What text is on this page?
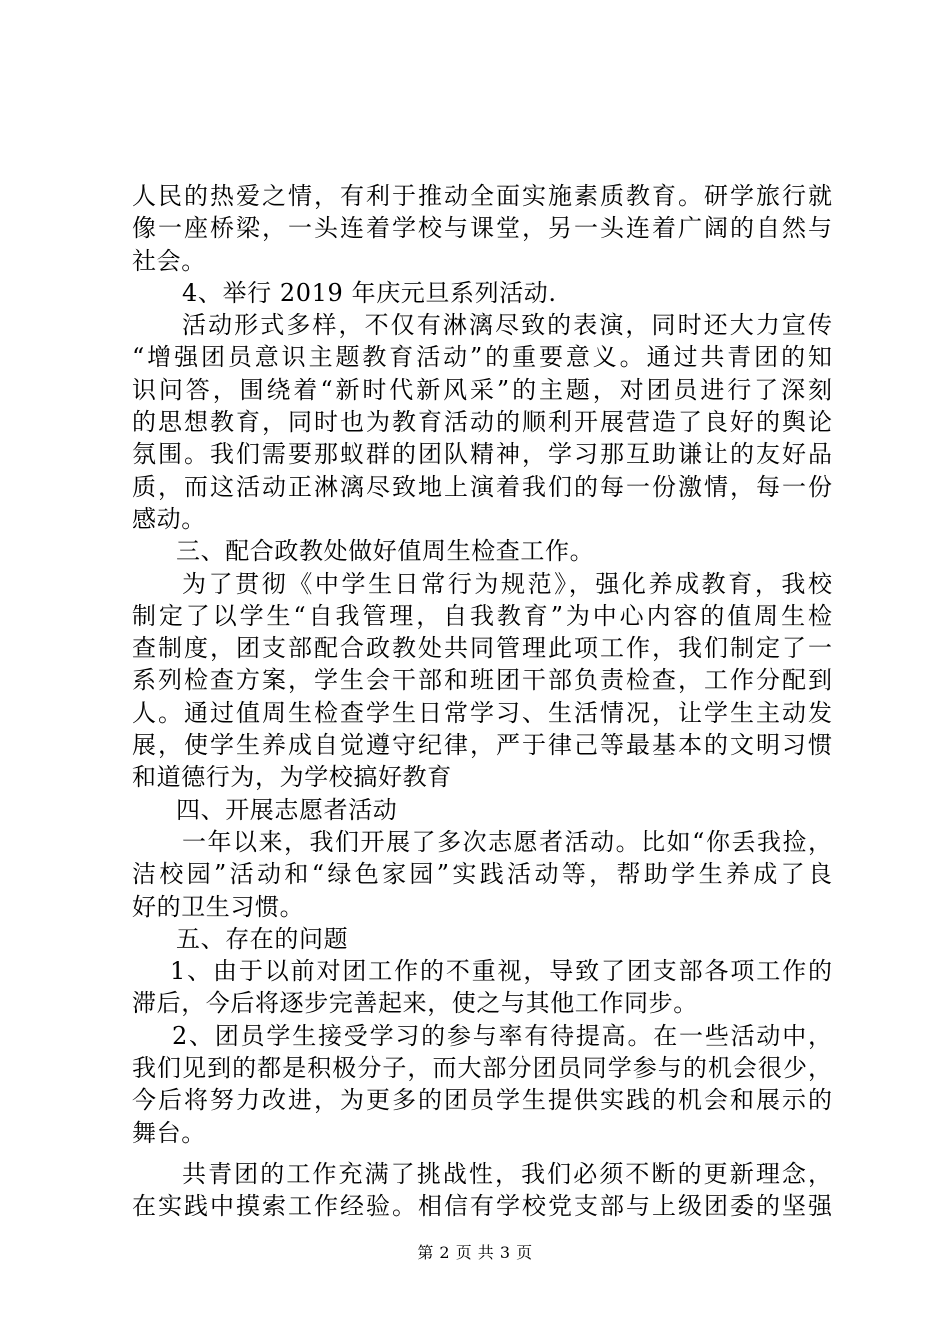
人民的热爱之情，有利于推动全面实施素质教育。研学旅行就
像一座桥梁，一头连着学校与课堂，另一头连着广阔的自然与
社会。
4、举行 2019 年庆元旦系列活动.
活动形式多样，不仅有淋漓尽致的表演，同时还大力宣传
“增强团员意识主题教育活动”的重要意义。通过共青团的知
识问答，围绕着“新时代新风采”的主题，对团员进行了深刻
的思想教育，同时也为教育活动的顺利开展营造了良好的舆论
氛围。我们需要那蚁群的团队精神，学习那互助谦让的友好品
质，而这活动正淋漓尽致地上演着我们的每一份激情，每一份
感动。
三、配合政教处做好值周生检查工作。
为了贯彻《中学生日常行为规范》，强化养成教育，我校
制定了以学生“自我管理，自我教育”为中心内容的值周生检
查制度，团支部配合政教处共同管理此项工作，我们制定了一
系列检查方案，学生会干部和班团干部负责检查，工作分配到
人。通过值周生检查学生日常学习、生活情况，让学生主动发
展，使学生养成自觉遵守纪律，严于律己等最基本的文明习惯
和道德行为，为学校搞好教育
四、开展志愿者活动
一年以来，我们开展了多次志愿者活动。比如“你丢我捡，
洁校园”活动和“绿色家园”实践活动等，帮助学生养成了良
好的卫生习惯。
五、存在的问题
1、由于以前对团工作的不重视，导致了团支部各项工作的
滞后，今后将逐步完善起来，使之与其他工作同步。
2、团员学生接受学习的参与率有待提高。在一些活动中，
我们见到的都是积极分子，而大部分团员同学参与的机会很少，
今后将努力改进，为更多的团员学生提供实践的机会和展示的
舞台。
共青团的工作充满了挑战性，我们必须不断的更新理念，
在实践中摸索工作经验。相信有学校党支部与上级团委的坚强
第 2 页 共 3 页
